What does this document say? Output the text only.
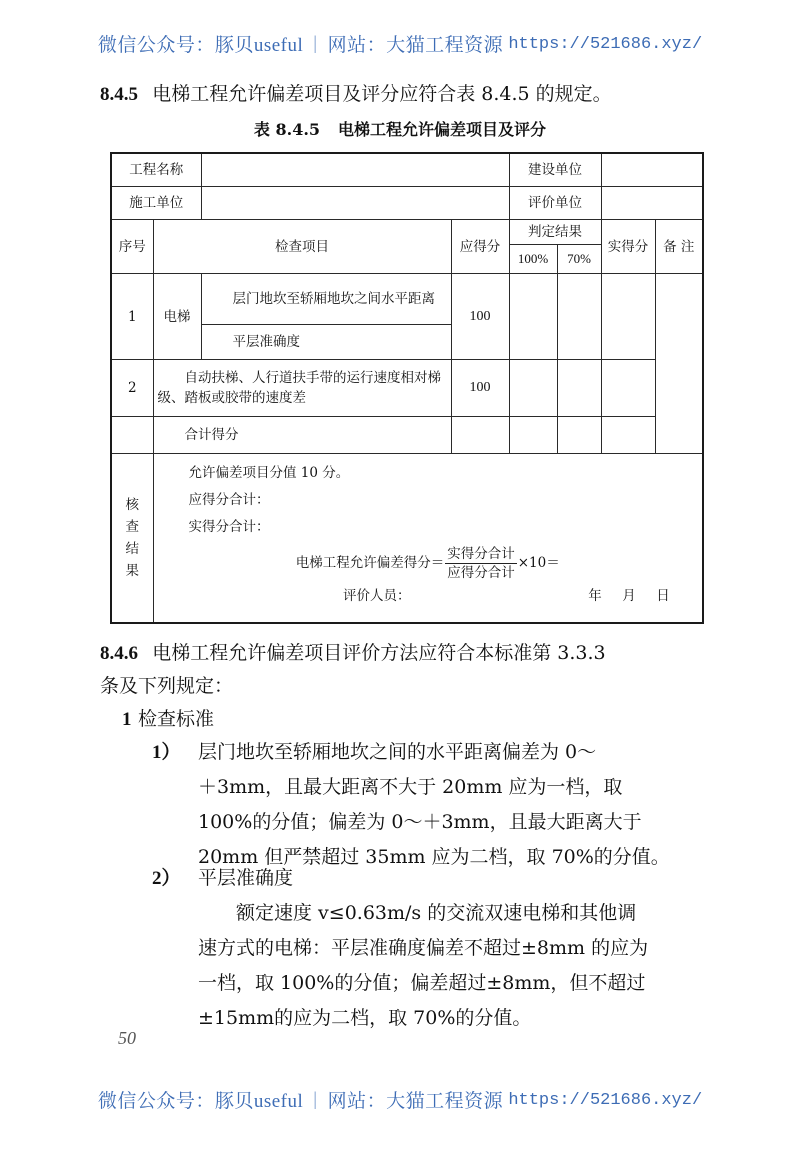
微信公众号：豚贝useful | 网站：大猫工程资源 https://521686.xyz/
8.4.5 电梯工程允许偏差项目及评分应符合表 8.4.5 的规定。
表 8.4.5 电梯工程允许偏差项目及评分
工程名称				建设单位				
施工单位				评价单位				
序号	检查项目		应得分	判定结果		实得分	备 注	
				100%	70%			
1	电梯	层门地坎至轿厢地坎之间水平距离	100					
		平层准确度						
2	自动扶梯、人行道扶手带的运行速度相对梯级、踏板或胶带的速度差		100					
	合计得分							

核查结果

允许偏差项目分值 10 分。
应得分合计：
实得分合计：
电梯工程允许偏差得分＝ $\frac{\text{实得分合计}}{\text{应得分合计}} \times 10=$
评价人员：	年 月 日
8.4.6 电梯工程允许偏差项目评价方法应符合本标准第 3.3.3
条及下列规定：
1 检查标准
1） 层门地坎至轿厢地坎之间的水平距离偏差为 0～
＋3mm，且最大距离不大于 20mm 应为一档，取
100%的分值；偏差为 0～＋3mm，且最大距离大于
20mm 但严禁超过 35mm 应为二档，取 70%的分值。
2） 平层准确度
额定速度 v≤0.63m/s 的交流双速电梯和其他调
速方式的电梯：平层准确度偏差不超过±8mm 的应为
一档，取 100%的分值；偏差超过±8mm，但不超过
±15mm的应为二档，取 70%的分值。
50
微信公众号：豚贝useful | 网站：大猫工程资源 https://521686.xyz/
